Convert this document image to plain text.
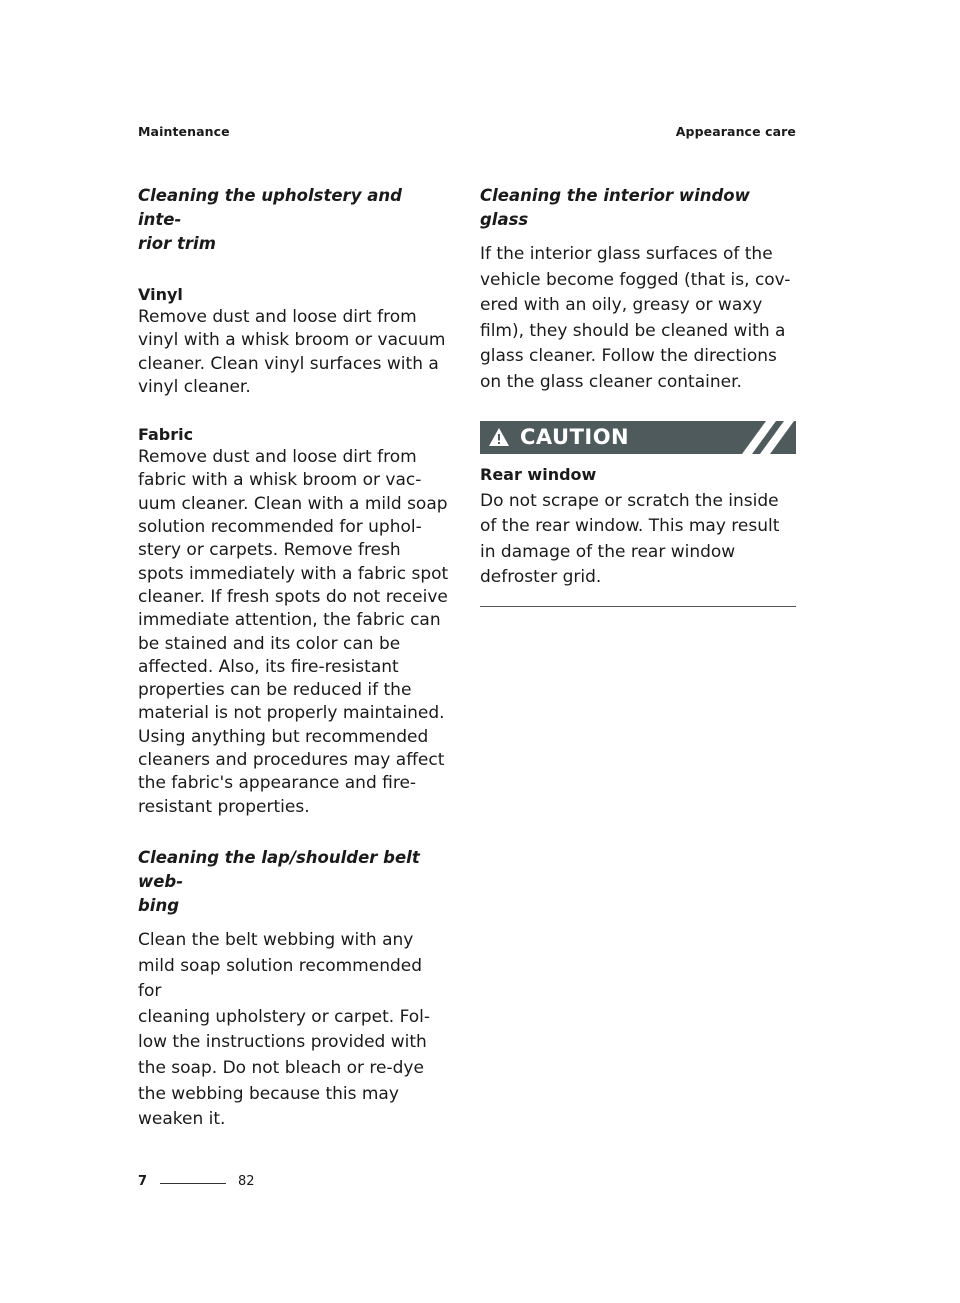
Maintenance	Appearance care
Cleaning the upholstery and inte-
rior trim
Vinyl

Remove dust and loose dirt from
vinyl with a whisk broom or vacuum
cleaner. Clean vinyl surfaces with a
vinyl cleaner.

Fabric

Remove dust and loose dirt from
fabric with a whisk broom or vac-
uum cleaner. Clean with a mild soap
solution recommended for uphol-
stery or carpets. Remove fresh
spots immediately with a fabric spot
cleaner. If fresh spots do not receive
immediate attention, the fabric can
be stained and its color can be
affected. Also, its fire-resistant
properties can be reduced if the
material is not properly maintained.
Using anything but recommended
cleaners and procedures may affect
the fabric's appearance and fire-
resistant properties.

Cleaning the lap/shoulder belt web-
bing

Clean the belt webbing with any
mild soap solution recommended for
cleaning upholstery or carpet. Fol-
low the instructions provided with
the soap. Do not bleach or re-dye
the webbing because this may
weaken it.

Cleaning the interior window glass

If the interior glass surfaces of the
vehicle become fogged (that is, cov-
ered with an oily, greasy or waxy
film), they should be cleaned with a
glass cleaner. Follow the directions
on the glass cleaner container.

CAUTION
Rear window

Do not scrape or scratch the inside
of the rear window. This may result
in damage of the rear window
defroster grid.

7	82
